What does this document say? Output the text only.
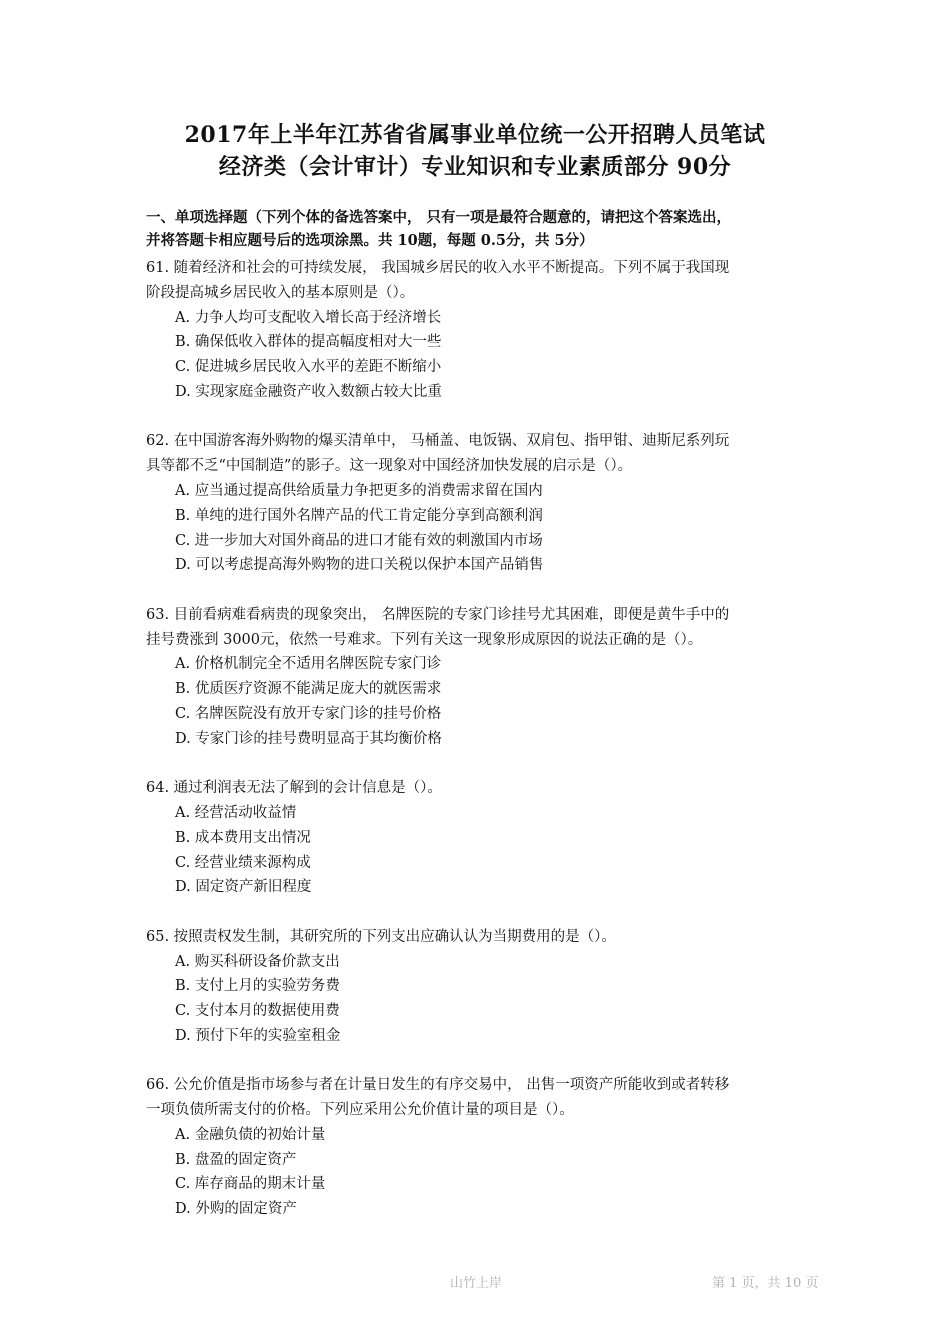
2017年上半年江苏省省属事业单位统一公开招聘人员笔试
经济类（会计审计）专业知识和专业素质部分 90分
一、单项选择题（下列个体的备选答案中， 只有一项是最符合题意的，请把这个答案选出，
并将答题卡相应题号后的选项涂黑。共 10题，每题 0.5分，共 5分）
61. 随着经济和社会的可持续发展， 我国城乡居民的收入水平不断提高。下列不属于我国现
阶段提高城乡居民收入的基本原则是（）。
A. 力争人均可支配收入增长高于经济增长
B. 确保低收入群体的提高幅度相对大一些
C. 促进城乡居民收入水平的差距不断缩小
D. 实现家庭金融资产收入数额占较大比重
62. 在中国游客海外购物的爆买清单中， 马桶盖、电饭锅、双肩包、指甲钳、迪斯尼系列玩
具等都不乏“中国制造”的影子。这一现象对中国经济加快发展的启示是（）。
A. 应当通过提高供给质量力争把更多的消费需求留在国内
B. 单纯的进行国外名牌产品的代工肯定能分享到高额利润
C. 进一步加大对国外商品的进口才能有效的刺激国内市场
D. 可以考虑提高海外购物的进口关税以保护本国产品销售
63. 目前看病难看病贵的现象突出， 名牌医院的专家门诊挂号尤其困难，即便是黄牛手中的
挂号费涨到 3000元，依然一号难求。下列有关这一现象形成原因的说法正确的是（）。
A. 价格机制完全不适用名牌医院专家门诊
B. 优质医疗资源不能满足庞大的就医需求
C. 名牌医院没有放开专家门诊的挂号价格
D. 专家门诊的挂号费明显高于其均衡价格
64. 通过利润表无法了解到的会计信息是（）。
A. 经营活动收益情
B. 成本费用支出情况
C. 经营业绩来源构成
D. 固定资产新旧程度
65. 按照责权发生制，其研究所的下列支出应确认认为当期费用的是（）。
A. 购买科研设备价款支出
B. 支付上月的实验劳务费
C. 支付本月的数据使用费
D. 预付下年的实验室租金
66. 公允价值是指市场参与者在计量日发生的有序交易中， 出售一项资产所能收到或者转移
一项负债所需支付的价格。下列应采用公允价值计量的项目是（）。
A. 金融负债的初始计量
B. 盘盈的固定资产
C. 库存商品的期末计量
D. 外购的固定资产
山竹上岸	第 1 页，共 10 页
